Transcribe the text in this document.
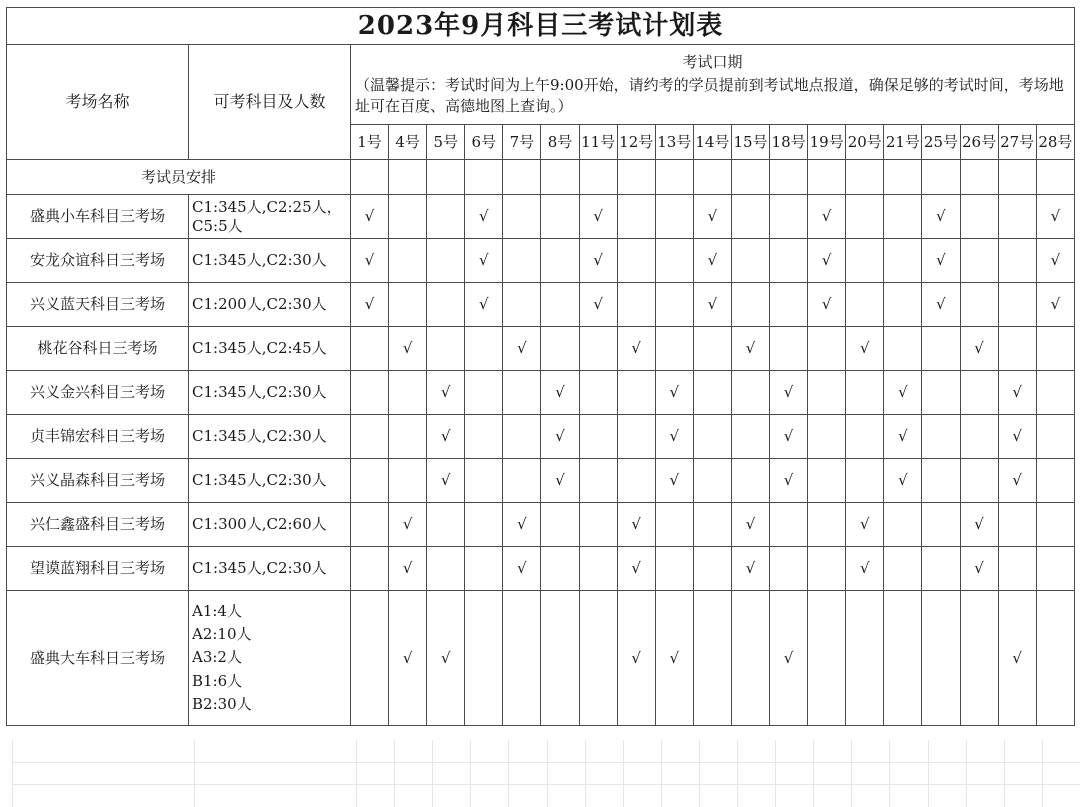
2023年9月科目三考试计划表																				
考场名称	可考科目及人数	考试口期
（温馨提示：考试时间为上午9:00开始，请约考的学员提前到考试地点报道，确保足够的考试时间，考场地址可在百度、高德地图上查询。）																		

		1号	4号	5号	6号	7号	8号	11号	12号	13号	14号	15号	18号	19号	20号	21号	25号	26号	27号	28号
考试员安排																				
盛典小车科目三考场	C1:345人,C2:25人，C5:5人	√			√			√			√			√			√			√
安龙众谊科日三考场	C1:345人,C2:30人	√			√			√			√			√			√			√
兴义蓝天科目三考场	C1:200人,C2:30人	√			√			√			√			√			√			√
桃花谷科日三考场	C1:345人,C2:45人		√			√			√			√			√			√		
兴义金兴科目三考场	C1:345人,C2:30人			√			√			√			√			√			√	
贞丰锦宏科日三考场	C1:345人,C2:30人			√			√			√			√			√			√	
兴义晶森科目三考场	C1:345人,C2:30人			√			√			√			√			√			√	
兴仁鑫盛科目三考场	C1:300人,C2:60人		√			√			√			√			√			√		
望谟蓝翔科目三考场	C1:345人,C2:30人		√			√			√			√			√			√		
盛典大车科日三考场	A1:4人
A2:10人
A3:2人
B1:6人
B2:30人		√	√					√	√			√						√	
